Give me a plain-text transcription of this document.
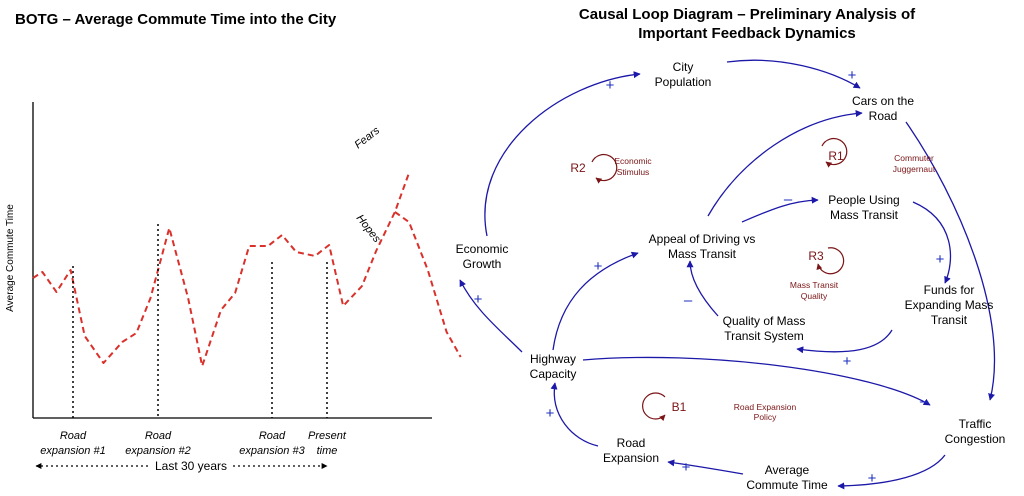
BOTG – Average Commute Time into the City
Average Commute Time
Road
expansion #1
Road
expansion #2
Road
expansion #3
Present
time
Last 30 years
Fears
Hopes
Causal Loop Diagram – Preliminary Analysis of
Important Feedback Dynamics
+
+
–
+
+
–
+
+
–
+
+
+
City
Population
Cars on the
Road
People Using
Mass Transit
Economic
Growth
Appeal of Driving vs
Mass Transit
Funds for
Expanding Mass
Transit
Quality of Mass
Transit System
Highway
Capacity
Traffic
Congestion
Road
Expansion
Average
Commute Time
R2	Economic
Stimulus
R1	Commuter
Juggernaut
R3
Mass Transit
Quality
B1	Road Expansion
Policy
